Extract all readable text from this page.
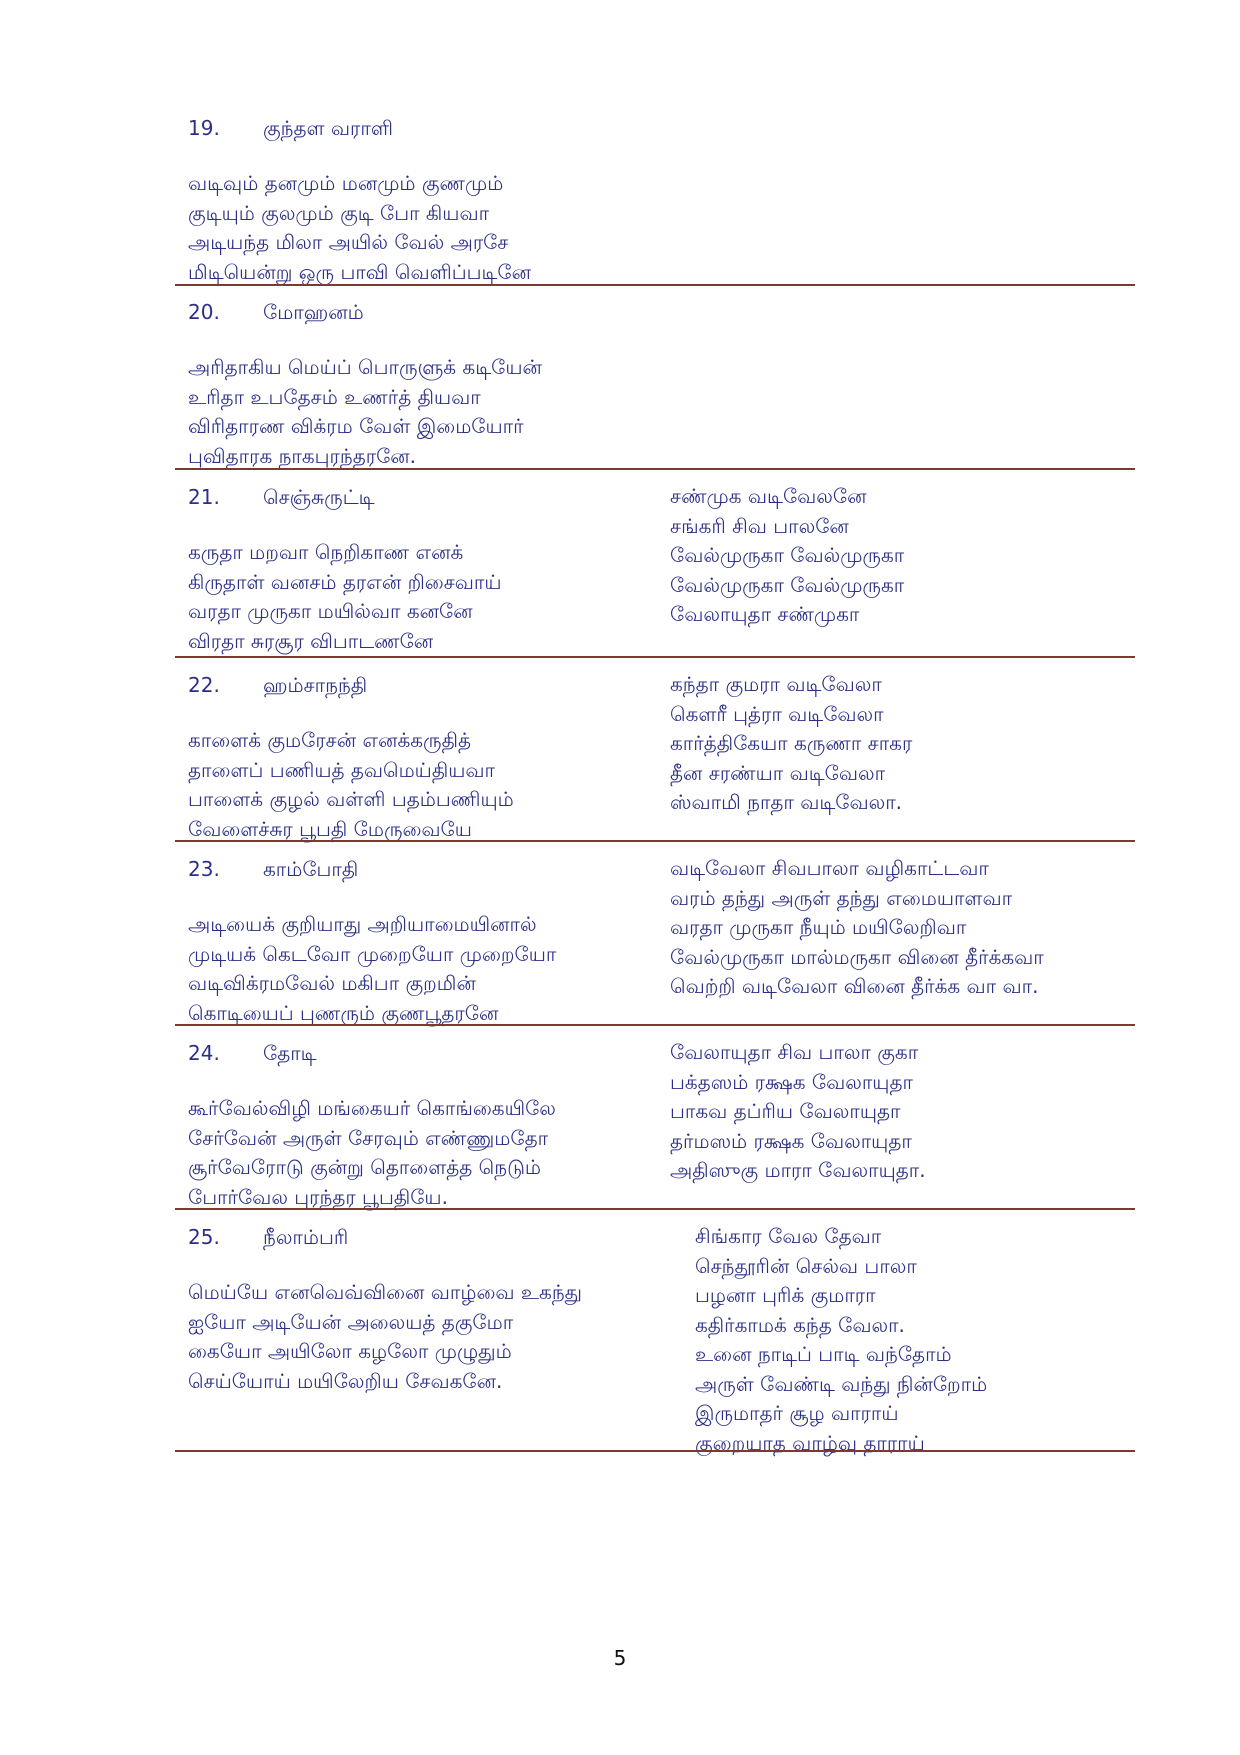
19. குந்தள வராளி
வடிவும் தனமும் மனமும் குணமும்
குடியும் குலமும் குடி போ கியவா
அடியந்த மிலா அயில் வேல் அரசே
மிடியென்று ஒரு பாவி வெளிப்படினே
20. மோஹனம்
அரிதாகிய மெய்ப் பொருளுக் கடியேன்
உரிதா உபதேசம் உணர்த் தியவா
விரிதாரண விக்ரம வேள் இமையோர்
புவிதாரக நாகபுரந்தரனே.
21. செஞ்சுருட்டி
கருதா மறவா நெறிகாண எனக்
கிருதாள் வனசம் தரஎன் றிசைவாய்
வரதா முருகா மயில்வா கனனே
விரதா சுரசூர விபாடணனே
சண்முக வடிவேலனே
சங்கரி சிவ பாலனே
வேல்முருகா வேல்முருகா
வேல்முருகா வேல்முருகா
வேலாயுதா சண்முகா
22. ஹம்சாநந்தி
காளைக் குமரேசன் எனக்கருதித்
தாளைப் பணியத் தவமெய்தியவா
பாளைக் குழல் வள்ளி பதம்பணியும்
வேளைச்சுர பூபதி மேருவையே
கந்தா குமரா வடிவேலா
கௌரீ புத்ரா வடிவேலா
கார்த்திகேயா கருணா சாகர
தீன சரண்யா வடிவேலா
ஸ்வாமி நாதா வடிவேலா.
23. காம்போதி
அடியைக் குறியாது அறியாமையினால்
முடியக் கெடவோ முறையோ முறையோ
வடிவிக்ரமவேல் மகிபா குறமின்
கொடியைப் புணரும் குணபூதரனே
வடிவேலா சிவபாலா வழிகாட்டவா
வரம் தந்து அருள் தந்து எமையாளவா
வரதா முருகா நீயும் மயிலேறிவா
வேல்முருகா மால்மருகா வினை தீர்க்கவா
வெற்றி வடிவேலா வினை தீர்க்க வா வா.
24. தோடி
கூர்வேல்விழி மங்கையர் கொங்கையிலே
சேர்வேன் அருள் சேரவும் எண்ணுமதோ
சூர்வேரோடு குன்று தொளைத்த நெடும்
போர்வேல புரந்தர பூபதியே.
வேலாயுதா சிவ பாலா குகா
பக்தஸம் ரக்ஷக வேலாயுதா
பாகவ தப்ரிய வேலாயுதா
தர்மஸம் ரக்ஷக வேலாயுதா
அதிஸுகு மாரா வேலாயுதா.
25. நீலாம்பரி
மெய்யே எனவெவ்வினை வாழ்வை உகந்து
ஐயோ அடியேன் அலையத் தகுமோ
கையோ அயிலோ கழலோ முழுதும்
செய்யோய் மயிலேறிய சேவகனே.
சிங்கார வேல தேவா
செந்தூரின் செல்வ பாலா
பழனா புரிக் குமாரா
கதிர்காமக் கந்த வேலா.
உனை நாடிப் பாடி வந்தோம்
அருள் வேண்டி வந்து நின்றோம்
இருமாதர் சூழ வாராய்
குறையாத வாழ்வு தாராய்
5
